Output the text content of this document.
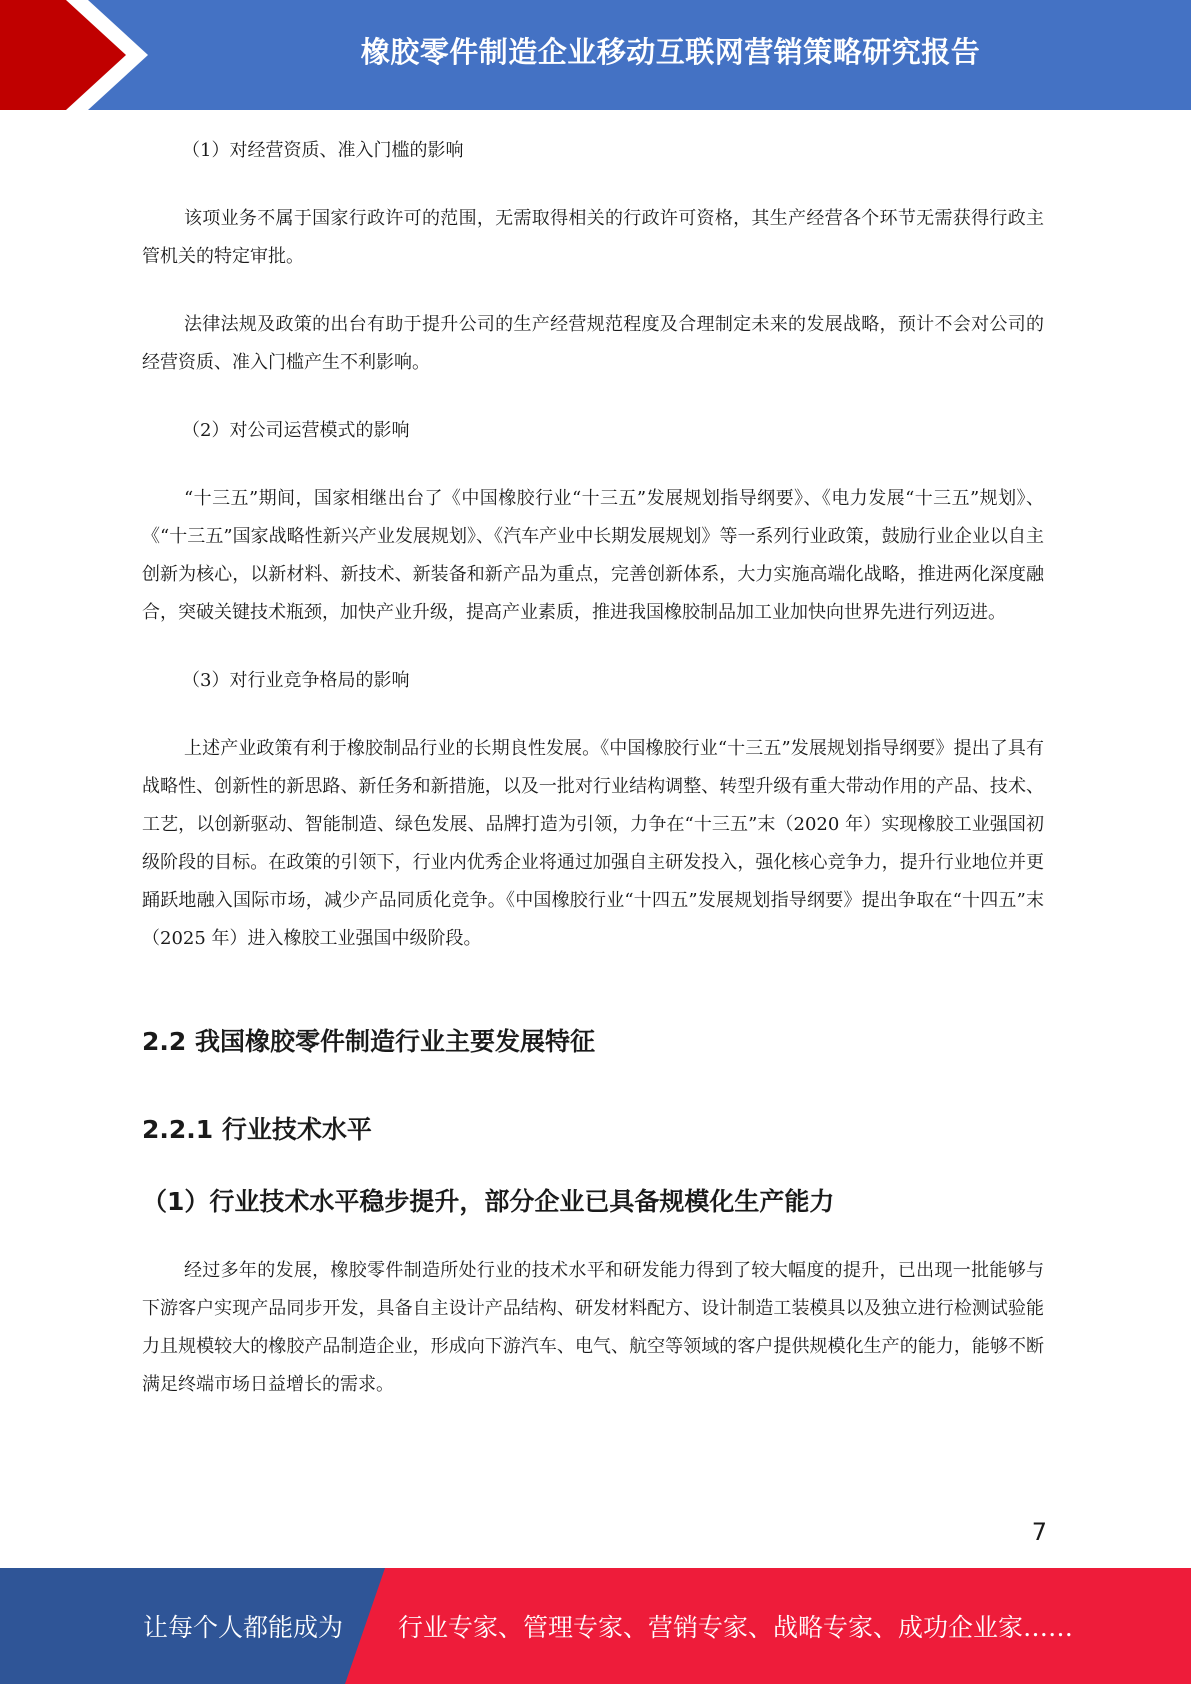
橡胶零件制造企业移动互联网营销策略研究报告

（1）对经营资质、准入门槛的影响

该项业务不属于国家行政许可的范围，无需取得相关的行政许可资格，其生产经营各个环节无需获得行政主管机关的特定审批。

法律法规及政策的出台有助于提升公司的生产经营规范程度及合理制定未来的发展战略，预计不会对公司的经营资质、准入门槛产生不利影响。

（2）对公司运营模式的影响

“十三五”期间，国家相继出台了《中国橡胶行业“十三五”发展规划指导纲要》、《电力发展“十三五”规划》、《“十三五”国家战略性新兴产业发展规划》、《汽车产业中长期发展规划》等一系列行业政策，鼓励行业企业以自主创新为核心，以新材料、新技术、新装备和新产品为重点，完善创新体系，大力实施高端化战略，推进两化深度融合，突破关键技术瓶颈，加快产业升级，提高产业素质，推进我国橡胶制品加工业加快向世界先进行列迈进。

（3）对行业竞争格局的影响

上述产业政策有利于橡胶制品行业的长期良性发展。《中国橡胶行业“十三五”发展规划指导纲要》提出了具有战略性、创新性的新思路、新任务和新措施，以及一批对行业结构调整、转型升级有重大带动作用的产品、技术、工艺，以创新驱动、智能制造、绿色发展、品牌打造为引领，力争在“十三五”末（2020 年）实现橡胶工业强国初级阶段的目标。在政策的引领下，行业内优秀企业将通过加强自主研发投入，强化核心竞争力，提升行业地位并更踊跃地融入国际市场，减少产品同质化竞争。《中国橡胶行业“十四五”发展规划指导纲要》提出争取在“十四五”末（2025 年）进入橡胶工业强国中级阶段。

2.2 我国橡胶零件制造行业主要发展特征
2.2.1 行业技术水平
（1）行业技术水平稳步提升，部分企业已具备规模化生产能力

经过多年的发展，橡胶零件制造所处行业的技术水平和研发能力得到了较大幅度的提升，已出现一批能够与下游客户实现产品同步开发，具备自主设计产品结构、研发材料配方、设计制造工装模具以及独立进行检测试验能力且规模较大的橡胶产品制造企业，形成向下游汽车、电气、航空等领域的客户提供规模化生产的能力，能够不断满足终端市场日益增长的需求。

7
让每个人都能成为 行业专家、管理专家、营销专家、战略专家、成功企业家……
